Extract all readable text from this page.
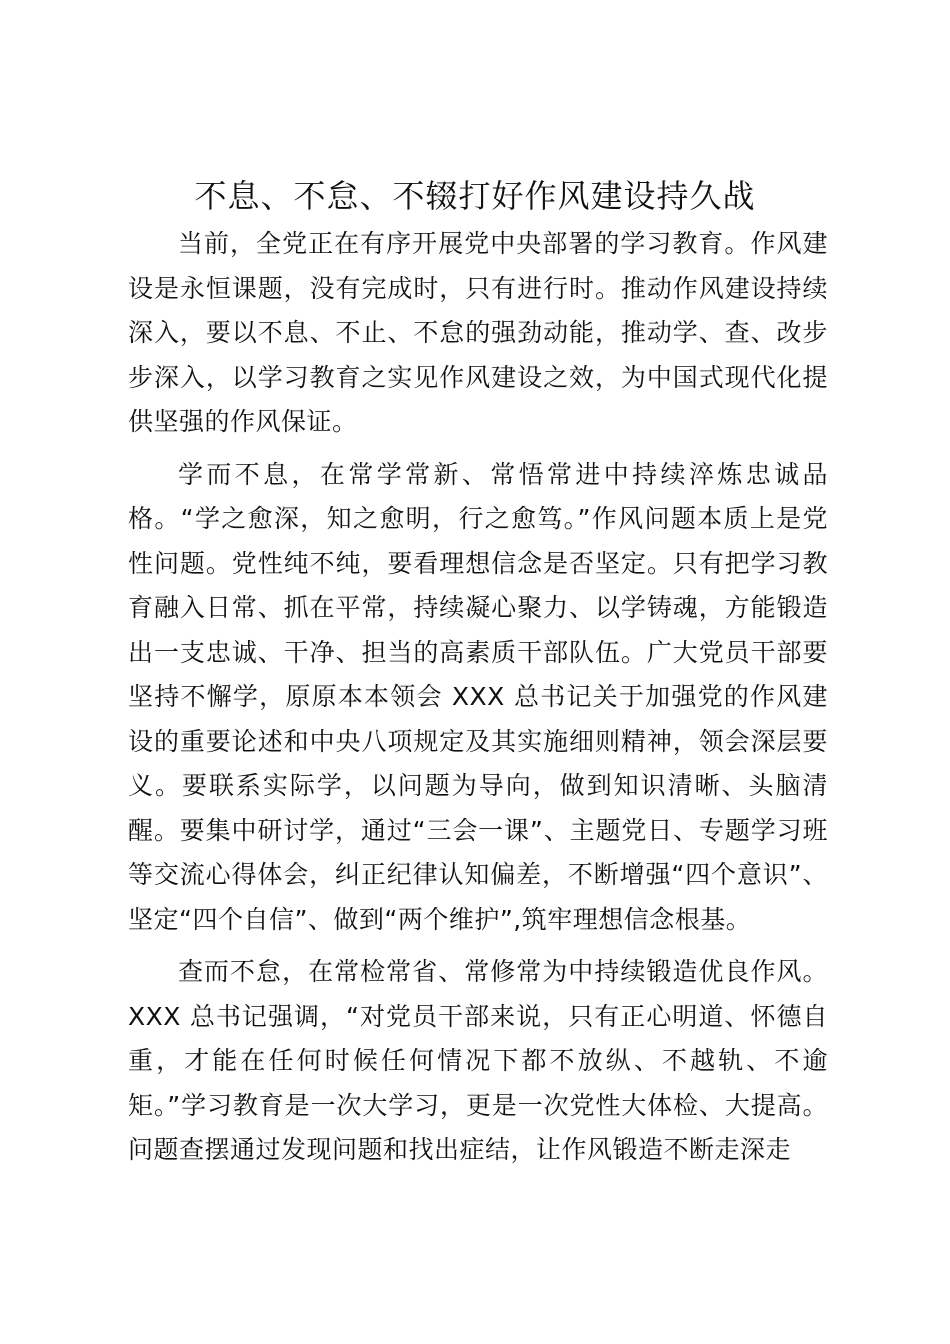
不息、不怠、不辍打好作风建设持久战

当前，全党正在有序开展党中央部署的学习教育。作风建设是永恒课题，没有完成时，只有进行时。推动作风建设持续深入，要以不息、不止、不怠的强劲动能，推动学、查、改步步深入，以学习教育之实见作风建设之效，为中国式现代化提供坚强的作风保证。

学而不息，在常学常新、常悟常进中持续淬炼忠诚品格。“学之愈深，知之愈明，行之愈笃。”作风问题本质上是党性问题。党性纯不纯，要看理想信念是否坚定。只有把学习教育融入日常、抓在平常，持续凝心聚力、以学铸魂，方能锻造出一支忠诚、干净、担当的高素质干部队伍。广大党员干部要坚持不懈学，原原本本领会 XXX 总书记关于加强党的作风建设的重要论述和中央八项规定及其实施细则精神，领会深层要义。要联系实际学，以问题为导向，做到知识清晰、头脑清醒。要集中研讨学，通过“三会一课”、主题党日、专题学习班等交流心得体会，纠正纪律认知偏差，不断增强“四个意识”、坚定“四个自信”、做到“两个维护”,筑牢理想信念根基。

查而不怠，在常检常省、常修常为中持续锻造优良作风。XXX 总书记强调，“对党员干部来说，只有正心明道、怀德自重，才能在任何时候任何情况下都不放纵、不越轨、不逾矩。”学习教育是一次大学习，更是一次党性大体检、大提高。问题查摆通过发现问题和找出症结，让作风锻造不断走深走
